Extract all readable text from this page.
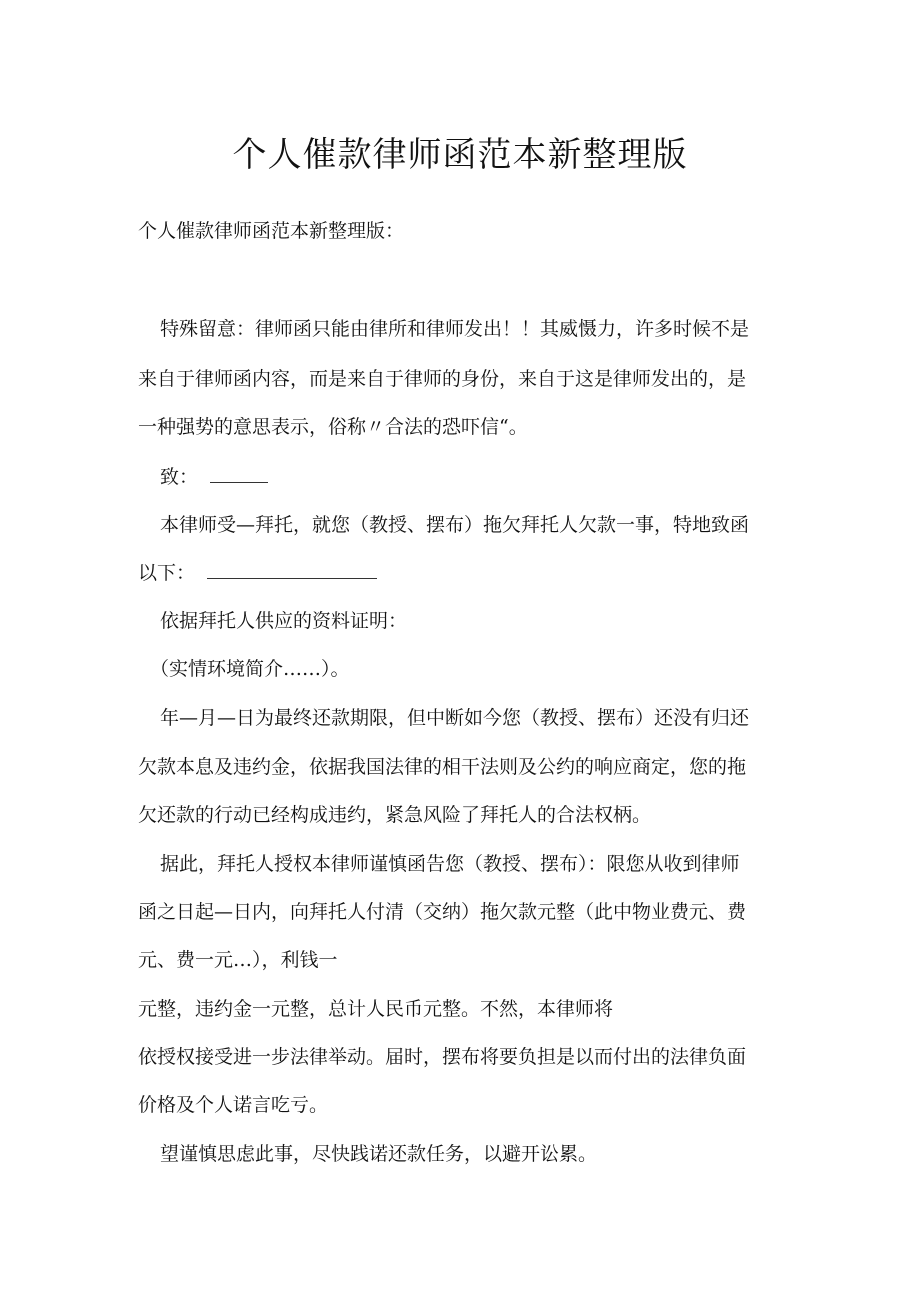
个人催款律师函范本新整理版
个人催款律师函范本新整理版：
特殊留意：律师函只能由律所和律师发出！！其威慑力，许多时候不是
来自于律师函内容，而是来自于律师的身份，来自于这是律师发出的，是
一种强势的意思表示，俗称〃合法的恐吓信“。
致：
本律师受—拜托，就您（教授、摆布）拖欠拜托人欠款一事，特地致函
以下：
依据拜托人供应的资料证明：
（实情环境简介……）。
年—月—日为最终还款期限，但中断如今您（教授、摆布）还没有归还
欠款本息及违约金，依据我国法律的相干法则及公约的响应商定，您的拖
欠还款的行动已经构成违约，紧急风险了拜托人的合法权柄。
据此，拜托人授权本律师谨慎函告您（教授、摆布）：限您从收到律师
函之日起—日内，向拜托人付清（交纳）拖欠款元整（此中物业费元、费
元、费一元…），利钱一
元整，违约金一元整，总计人民币元整。不然，本律师将
依授权接受进一步法律举动。届时，摆布将要负担是以而付出的法律负面
价格及个人诺言吃亏。
望谨慎思虑此事，尽快践诺还款任务，以避开讼累。
